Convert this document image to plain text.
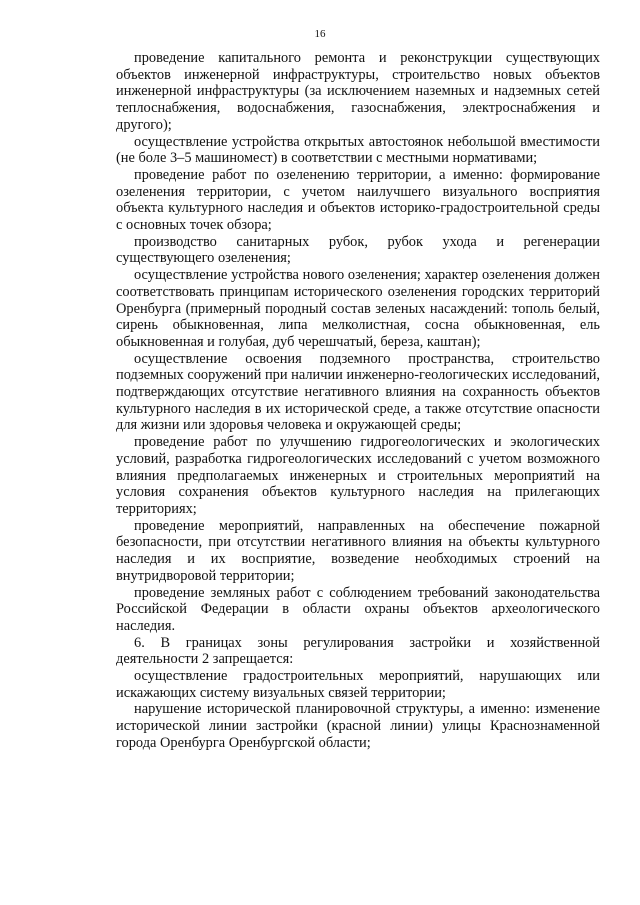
16

проведение капитального ремонта и реконструкции существующих объектов инженерной инфраструктуры, строительство новых объектов инженерной инфраструктуры (за исключением наземных и надземных сетей теплоснабжения, водоснабжения, газоснабжения, электроснабжения и другого);

осуществление устройства открытых автостоянок небольшой вместимости (не боле 3–5 машиномест) в соответствии с местными нормативами;

проведение работ по озеленению территории, а именно: формирование озеленения территории, с учетом наилучшего визуального восприятия объекта культурного наследия и объектов историко-градостроительной среды с основных точек обзора;

производство санитарных рубок, рубок ухода и регенерации существующего озеленения;

осуществление устройства нового озеленения; характер озеленения должен соответствовать принципам исторического озеленения городских территорий Оренбурга (примерный породный состав зеленых насаждений: тополь белый, сирень обыкновенная, липа мелколистная, сосна обыкновенная, ель обыкновенная и голубая, дуб черешчатый, береза, каштан);

осуществление освоения подземного пространства, строительство подземных сооружений при наличии инженерно-геологических исследований, подтверждающих отсутствие негативного влияния на сохранность объектов культурного наследия в их исторической среде, а также отсутствие опасности для жизни или здоровья человека и окружающей среды;

проведение работ по улучшению гидрогеологических и экологических условий, разработка гидрогеологических исследований с учетом возможного влияния предполагаемых инженерных и строительных мероприятий на условия сохранения объектов культурного наследия на прилегающих территориях;

проведение мероприятий, направленных на обеспечение пожарной безопасности, при отсутствии негативного влияния на объекты культурного наследия и их восприятие, возведение необходимых строений на внутридворовой территории;

проведение земляных работ с соблюдением требований законодательства Российской Федерации в области охраны объектов археологического наследия.

6. В границах зоны регулирования застройки и хозяйственной деятельности 2 запрещается:

осуществление градостроительных мероприятий, нарушающих или искажающих систему визуальных связей территории;

нарушение исторической планировочной структуры, а именно: изменение исторической линии застройки (красной линии) улицы Краснознаменной города Оренбурга Оренбургской области;
